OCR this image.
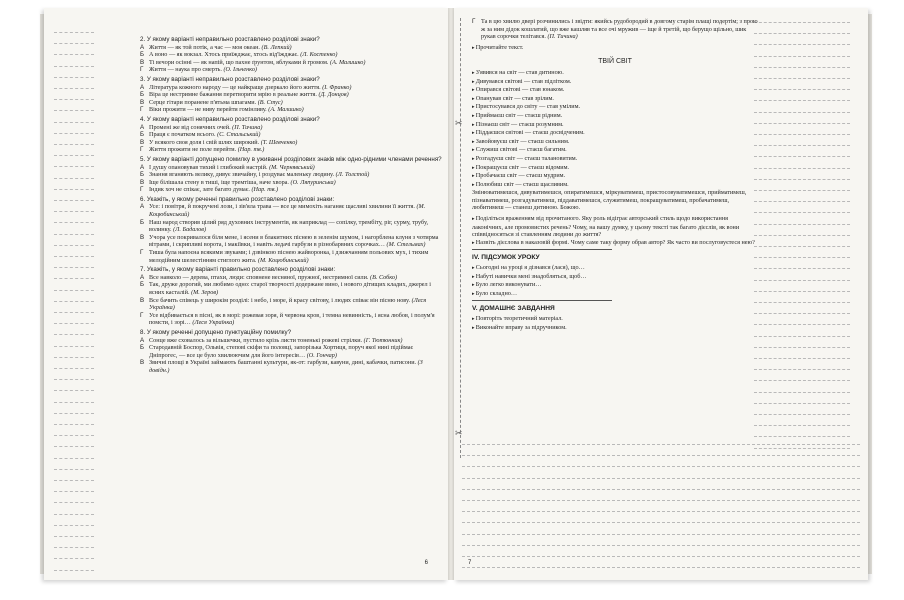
2. У якому варіанті неправильно розставлено розділові знаки?
А Життя — як той потік, а час — моя океан. (В. Лепкий)
Б А воно — як вокзал. Хтось приїжджає, хтось від'їжджає. (Л. Костенко)
В Ті вечори осінні — як напій, що пахне ґрунтом, яблуками й громом. (А. Малишко)
Г Життя — наука про смерть. (О. Ільченко)
3. У якому варіанті неправильно розставлено розділові знаки?
А Література кожного народу — це найкраще дзеркало його життя. (І. Франко)
Б Віра це нестримне бажання перетворити мрію в реальне життя. (Д. Донцов)
В Серце гітари поранене п'ятьма шпагами. (В. Стус)
Г Віки прожити — не ниву перейти гомінливу. (А. Малишко)
4. У якому варіанті неправильно розставлено розділові знаки?
А Промені же від сонячних очей. (П. Тичина)
Б Праця є початком всього. (С. Стальський)
В У всякого своя доля і свій шлях широкий. (Т. Шевченко)
Г Життя прожити не поле перейти. (Нар. тв.)
5. У якому варіанті допущено помилку в уживанні розділових знаків між одно-рідними членами речення?
А І душу опановував тихий і глибокий настрій. (М. Чернявський)
Б Знання вганяють велику, дивує звичайну, і роздуває маленьку людину. (Л. Толстой)
В Іще білішала стену в тиші, іще тремтіша, наче хвора. (О. Ляпуринська)
Г Індик хоч не спікає, зате багато думає. (Нар. тв.)
6. Укажіть, у якому реченні правильно розставлено розділові знаки:
А Усе: і повітря, й покручені лози, і зів'яла трава — все це мимохіть наганяє щасливі хвилини її життя. (М. Коцюбинський)
Б Наш народ створив цілий ряд духовних інструментів, як наприклад — сопілку, трембіту, ріг, сурму, трубу, волинку. (Л. Бадалов)
В Учора усе покривалося біля мене, і ясени в блакитних піснею в зеленім шумом, і нагорблена клуня з чотирма вітрами, і скрипливі ворота, і макіївки, і навіть ледачі гарбузи в різнобарвних сорочках… (М. Стельмах)
Г Тиша була напоєна всякими звуками; і дзвінкою піснею жайворонка, і дзижчанням польових мух, і тихим мелодійним шелестінням стиглого жита. (М. Коцюбинський)
7. Укажіть, у якому варіанті правильно розставлено розділові знаки:
А Все навколо — дерева, птахи, люди: сповнене весняної, пружної, нестримної сили. (В. Собко)
Б Так, друже дорогий, ми любимо одно: старої творчості додержане вино, і нового дітищих кладих, джерел і ясних касталій. (М. Зеров)
В Все бачить співець у широкім розділі: і небо, і море, й красу світову, і людях співає він пісню нову. (Леся Українка)
Г Усе відбивається в пісні, як в морі: рожевая зоря, й червона кров, і темна невинність, і ясна любов, і полум'я помсти, і зорі… (Леся Українка)
8. У якому реченні допущено пунктуаційну помилку?
А Сонце вже сховалось за вільшечки, пустило крізь листи тоненькі рожеві стрілки. (Г. Тютюнник)
Б Стародавній Боспор, Ольвія, степові скіфи та половці, запорізька Хортиця, поруч якої нині підіймає Дніпрогес, — все це було хвилюючим для його інтересів… (О. Гончар)
В Звичні площі в Україні займають баштанні культури, як-от: гарбузи, кавуни, дині, кабачки, патисони. (З довідн.)
6
✂
✂
Г Та в цю хвилю двері розчинились і звідти: якийсь рудобородий в довгому старім плащі подертім; з прою ж за ним дідок кошлатий, що вже кашляв та все очі мружив — іще й третій, що берущо щільно, шик рукав сорочки телітався. (П. Тичина)
▸ Прочитайте текст.
ТВІЙ СВІТ
▸ З'явився на світ — став дитиною.
▸ Дивувався світові — став підлітком.
▸ Опирався світові — став юнаком.
▸ Опанував світ — став зрілим.
▸ Пристосувався до світу — став умілим.
▸ Приймаєш світ — стаєш рідним.
▸ Пізнаєш світ — стаєш розумним.
▸ Піддаєшся світові — стаєш досвідченим.
▸ Завойовуєш світ — стаєш сильним.
▸ Служиш світові — стаєш багатим.
▸ Розгадуєш світ — стаєш талановитим.
▸ Покращуєш світ — стаєш відомим.
▸ Пробачаєш світ — стаєш мудрим.
▸ Полюбиш світ — стаєш щасливим.
Змінюватимешся, дивуватимешся, опиратимешся, міркуватимеш, пристосовуватимешся, прийматимеш, пізнаватимеш, розгадуватимеш, піддаватимешся, служитимеш, покращуватимеш, пробачатимеш, любитимеш — станеш дитиною. Божою.
▸ Поділіться враженням від прочитаного. Яку роль відіграє авторський стиль щодо використання лаконічних, але промовистих речень? Чому, на вашу думку, у цьому тексті так багато дієслів, як вони співвідносяться зі ставленням людини до життя?
▸ Назвіть дієслова в наказовій формі. Чому саме таку форму обрав автор? Як часто ви послуговуєтеся нею?
IV. ПІДСУМОК УРОКУ
▸ Сьогодні на уроці я дізнався (лася), що…
▸ Набуті навички мені знадобляться, щоб…
▸ Було легко виконувати…
▸ Було складно…
V. ДОМАШНЄ ЗАВДАННЯ
▸ Повторіть теоретичний матеріал.
▸ Виконайте вправу за підручником.
7
